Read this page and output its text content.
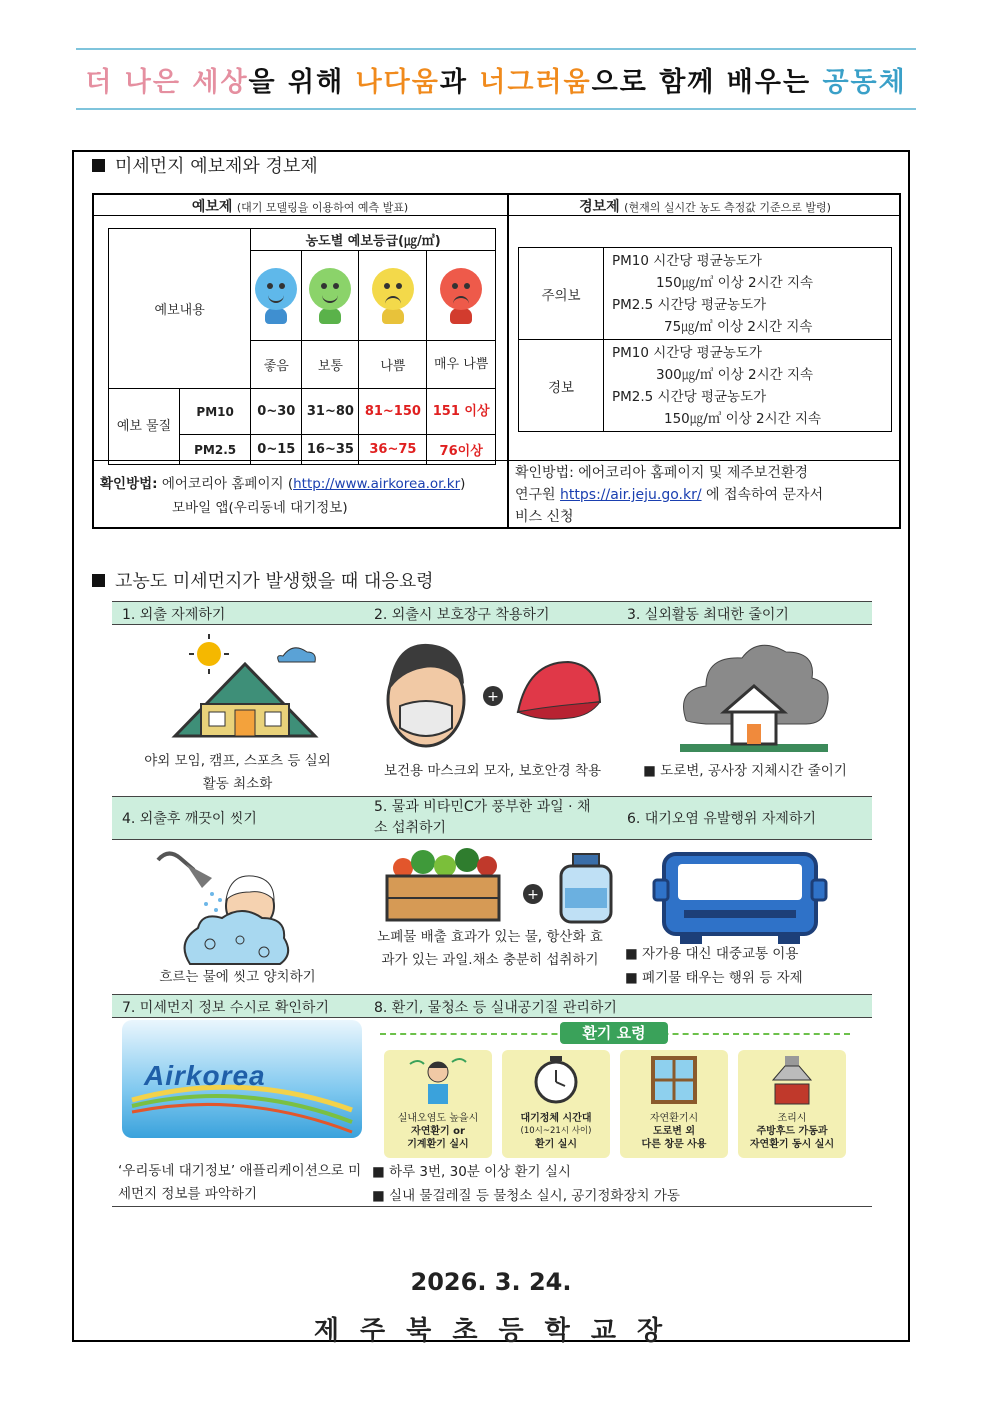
더 나은 세상을 위해 나다움과 너그러움으로 함께 배우는 공동체
미세먼지 예보제와 경보제
예보제 (대기 모델링을 이용하여 예측 발표)	경보제 (현재의 실시간 농도 측정값 기준으로 발령)
예보내용		농도별 예보등급(㎍/㎥)			

		좋음	보통	나쁨	매우 나쁨
예보 물질	PM10	0~30	31~80	81~150	151 이상
	PM2.5	0~15	16~35	36~75	76이상
주의보	PM10 시간당 평균농도가
150㎍/㎥ 이상 2시간 지속
PM2.5 시간당 평균농도가
75㎍/㎥ 이상 2시간 지속

경보	PM10 시간당 평균농도가
300㎍/㎥ 이상 2시간 지속
PM2.5 시간당 평균농도가
150㎍/㎥ 이상 2시간 지속
확인방법: 에어코리아 홈페이지 (http://www.airkorea.or.kr)
모바일 앱(우리동네 대기정보)
확인방법: 에어코리아 홈페이지 및 제주보건환경
연구원 https://air.jeju.go.kr/ 에 접속하여 문자서
비스 신청
고농도 미세먼지가 발생했을 때 대응요령
1. 외출 자제하기	2. 외출시 보호장구 착용하기	3. 실외활동 최대한 줄이기
야외 모임, 캠프, 스포츠 등 실외활동 최소화
+
보건용 마스크외 모자, 보호안경 착용	■ 도로변, 공사장 지체시간 줄이기
4. 외출후 깨끗이 씻기
5. 물과 비타민C가 풍부한 과일 · 채소 섭취하기
6. 대기오염 유발행위 자제하기
흐르는 물에 씻고 양치하기
+
노폐물 배출 효과가 있는 물, 항산화 효과가 있는 과일.채소 충분히 섭취하기	■ 자가용 대신 대중교통 이용
■ 폐기물 태우는 행위 등 자제
7. 미세먼지 정보 수시로 확인하기	8. 환기, 물청소 등 실내공기질 관리하기
Airkorea
‘우리동네 대기정보’ 애플리케이션으로 미세먼지 정보를 파악하기
환기 요령
실내오염도 높을시
자연환기 or
기계환기 실시
대기정체 시간대
(10시~21시 사이)
환기 실시
자연환기시
도로변 외
다른 창문 사용
조리시
주방후드 가동과
자연환기 동시 실시
■ 하루 3번, 30분 이상 환기 실시
■ 실내 물걸레질 등 물청소 실시, 공기정화장치 가동
2026. 3. 24.
제 주 북 초 등 학 교 장
